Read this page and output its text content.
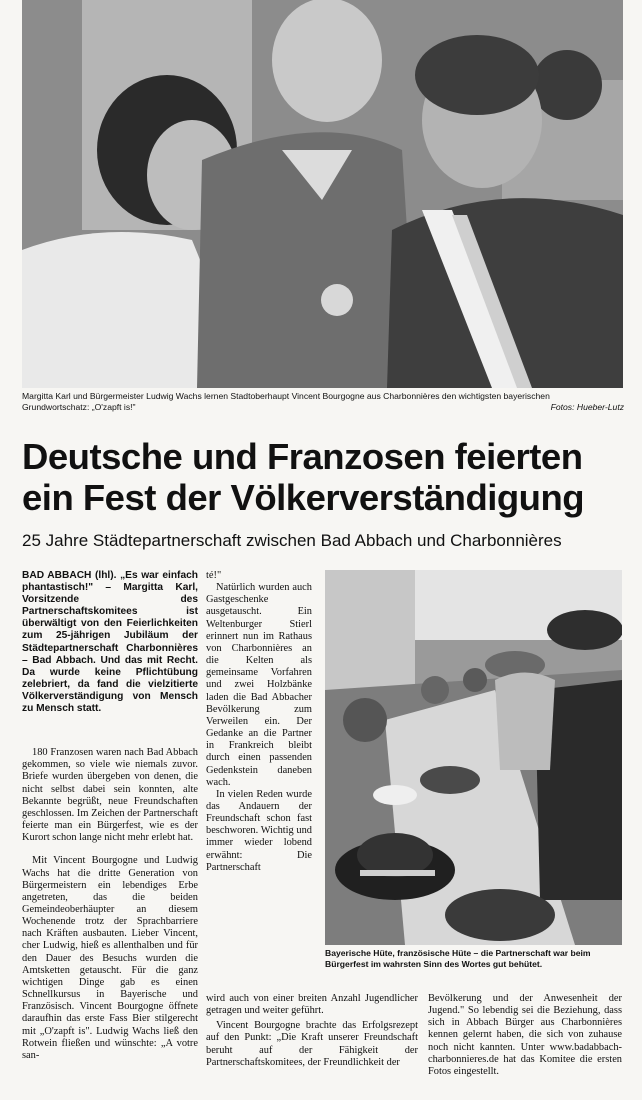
Margitta Karl und Bürgermeister Ludwig Wachs lernen Stadtoberhaupt Vincent Bourgogne aus Charbonnières den wichtigsten bayerischen Grundwortschatz: „O'zapft is!"	Fotos: Hueber-Lutz
Deutsche und Franzosen feierten
ein Fest der Völkerverständigung
25 Jahre Städtepartnerschaft zwischen Bad Abbach und Charbonnières

BAD ABBACH (lhl). „Es war einfach phantastisch!" – Margitta Karl, Vorsitzende des Partnerschaftskomitees ist überwältigt von den Feierlichkeiten zum 25-jährigen Jubiläum der Städtepartnerschaft Charbonnières – Bad Abbach. Und das mit Recht. Da wurde keine Pflichtübung zelebriert, da fand die vielzitierte Völkerverständigung von Mensch zu Mensch statt.

180 Franzosen waren nach Bad Abbach gekommen, so viele wie niemals zuvor. Briefe wurden übergeben von denen, die nicht selbst dabei sein konnten, alte Bekannte begrüßt, neue Freundschaften geschlossen. Im Zeichen der Partnerschaft feierte man ein Bürgerfest, wie es der Kurort schon lange nicht mehr erlebt hat.

Mit Vincent Bourgogne und Ludwig Wachs hat die dritte Generation von Bürgermeistern ein lebendiges Erbe angetreten, das die beiden Gemeindeoberhäupter an diesem Wochenende trotz der Sprachbarriere nach Kräften ausbauten. Lieber Vincent, cher Ludwig, hieß es allenthalben und für den Dauer des Besuchs wurden die Amtsketten getauscht. Für die ganz wichtigen Dinge gab es einen Schnellkursus in Bayerische und Französisch. Vincent Bourgogne öffnete daraufhin das erste Fass Bier stilgerecht mit „O'zapft is". Ludwig Wachs ließ den Rotwein fließen und wünschte: „A votre san-

té!"

Natürlich wurden auch Gastgeschenke ausgetauscht. Ein Weltenburger Stierl erinnert nun im Rathaus von Charbonnières an die Kelten als gemeinsame Vorfahren und zwei Holzbänke laden die Bad Abbacher Bevölkerung zum Verweilen ein. Der Gedanke an die Partner in Frankreich bleibt durch einen passenden Gedenkstein daneben wach.

In vielen Reden wurde das Andauern der Freundschaft schon fast beschworen. Wichtig und immer wieder lobend erwähnt: Die Partnerschaft

Bayerische Hüte, französische Hüte – die Partnerschaft war beim Bürgerfest im wahrsten Sinn des Wortes gut behütet.

wird auch von einer breiten Anzahl Jugendlicher getragen und weiter geführt.

Vincent Bourgogne brachte das Erfolgsrezept auf den Punkt: „Die Kraft unserer Freundschaft beruht auf der Fähigkeit der Partnerschaftskomitees, der Freundlichkeit der

Bevölkerung und der Anwesenheit der Jugend." So lebendig sei die Beziehung, dass sich in Abbach Bürger aus Charbonnières kennen gelernt haben, die sich von zuhause noch nicht kannten. Unter www.badabbach-charbonnieres.de hat das Komitee die ersten Fotos eingestellt.
